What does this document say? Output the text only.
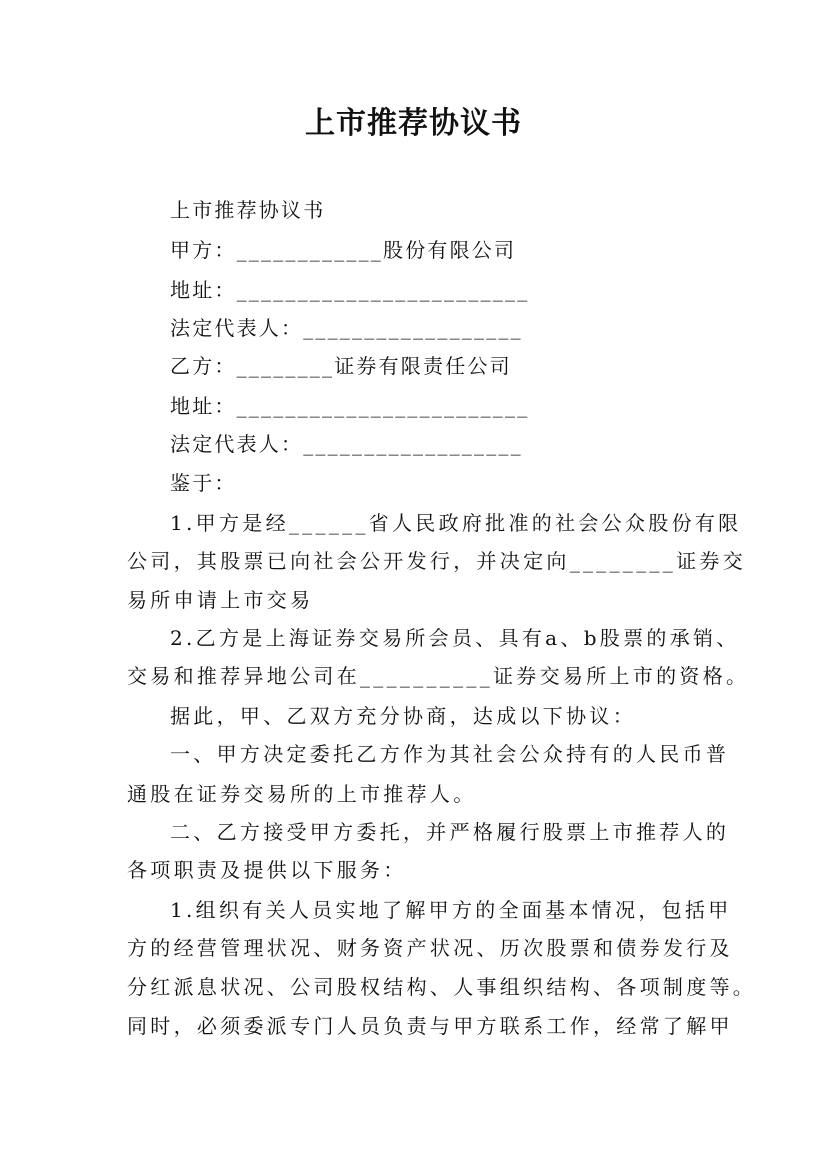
上市推荐协议书
上市推荐协议书
甲方：____________股份有限公司
地址：________________________
法定代表人：__________________
乙方：________证券有限责任公司
地址：________________________
法定代表人：__________________
鉴于：
1.甲方是经______省人民政府批准的社会公众股份有限
公司，其股票已向社会公开发行，并决定向________证券交
易所申请上市交易
2.乙方是上海证券交易所会员、具有a、b股票的承销、
交易和推荐异地公司在__________证券交易所上市的资格。
据此，甲、乙双方充分协商，达成以下协议：
一、甲方决定委托乙方作为其社会公众持有的人民币普
通股在证券交易所的上市推荐人。
二、乙方接受甲方委托，并严格履行股票上市推荐人的
各项职责及提供以下服务：
1.组织有关人员实地了解甲方的全面基本情况，包括甲
方的经营管理状况、财务资产状况、历次股票和债券发行及
分红派息状况、公司股权结构、人事组织结构、各项制度等。
同时，必须委派专门人员负责与甲方联系工作，经常了解甲
